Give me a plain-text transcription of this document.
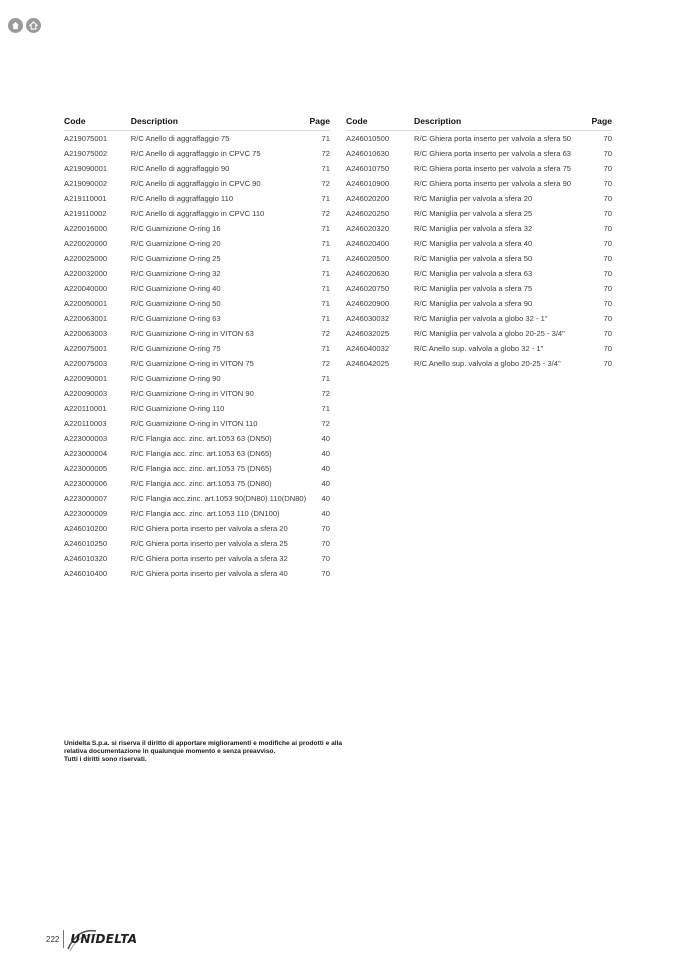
Code	Description	Page
A219075001	R/C Anello di aggraffaggio 75	71
A219075002	R/C Anello di aggraffaggio in CPVC 75	72
A219090001	R/C Anello di aggraffaggio 90	71
A219090002	R/C Anello di aggraffaggio in CPVC 90	72
A219110001	R/C Anello di aggraffaggio 110	71
A219110002	R/C Anello di aggraffaggio in CPVC 110	72
A220016000	R/C Guarnizione O-ring 16	71
A220020000	R/C Guarnizione O-ring 20	71
A220025000	R/C Guarnizione O-ring 25	71
A220032000	R/C Guarnizione O-ring 32	71
A220040000	R/C Guarnizione O-ring 40	71
A220050001	R/C Guarnizione O-ring 50	71
A220063001	R/C Guarnizione O-ring 63	71
A220063003	R/C Guarnizione O-ring in VITON 63	72
A220075001	R/C Guarnizione O-ring 75	71
A220075003	R/C Guarnizione O-ring in VITON 75	72
A220090001	R/C Guarnizione O-ring 90	71
A220090003	R/C Guarnizione O-ring in VITON 90	72
A220110001	R/C Guarnizione O-ring 110	71
A220110003	R/C Guarnizione O-ring in VITON 110	72
A223000003	R/C Flangia acc. zinc. art.1053 63 (DN50)	40
A223000004	R/C Flangia acc. zinc. art.1053 63 (DN65)	40
A223000005	R/C Flangia acc. zinc. art.1053 75 (DN65)	40
A223000006	R/C Flangia acc. zinc. art.1053 75 (DN80)	40
A223000007	R/C Flangia acc.zinc. art.1053 90(DN80) 110(DN80)	40
A223000009	R/C Flangia acc. zinc. art.1053 110 (DN100)	40
A246010200	R/C Ghiera porta inserto per valvola a sfera 20	70
A246010250	R/C Ghiera porta inserto per valvola a sfera 25	70
A246010320	R/C Ghiera porta inserto per valvola a sfera 32	70
A246010400	R/C Ghiera porta inserto per valvola a sfera 40	70
Code	Description	Page
A246010500	R/C Ghiera porta inserto per valvola a sfera 50	70
A246010630	R/C Ghiera porta inserto per valvola a sfera 63	70
A246010750	R/C Ghiera porta inserto per valvola a sfera 75	70
A246010900	R/C Ghiera porta inserto per valvola a sfera 90	70
A246020200	R/C Maniglia per valvola a sfera 20	70
A246020250	R/C Maniglia per valvola a sfera 25	70
A246020320	R/C Maniglia per valvola a sfera 32	70
A246020400	R/C Maniglia per valvola a sfera 40	70
A246020500	R/C Maniglia per valvola a sfera 50	70
A246020630	R/C Maniglia per valvola a sfera 63	70
A246020750	R/C Maniglia per valvola a sfera 75	70
A246020900	R/C Maniglia per valvola a sfera 90	70
A246030032	R/C Maniglia per valvola a globo 32 - 1"	70
A246032025	R/C Maniglia per valvola a globo 20-25 - 3/4"	70
A246040032	R/C Anello sup. valvola a globo 32 - 1"	70
A246042025	R/C Anello sup. valvola a globo 20-25 - 3/4"	70

Unidelta S.p.a. si riserva il diritto di apportare miglioramenti e modifiche ai prodotti e alla relativa documentazione in qualunque momento e senza preavviso.

Tutti i diritti sono riservati.

222 UNIDELTA
